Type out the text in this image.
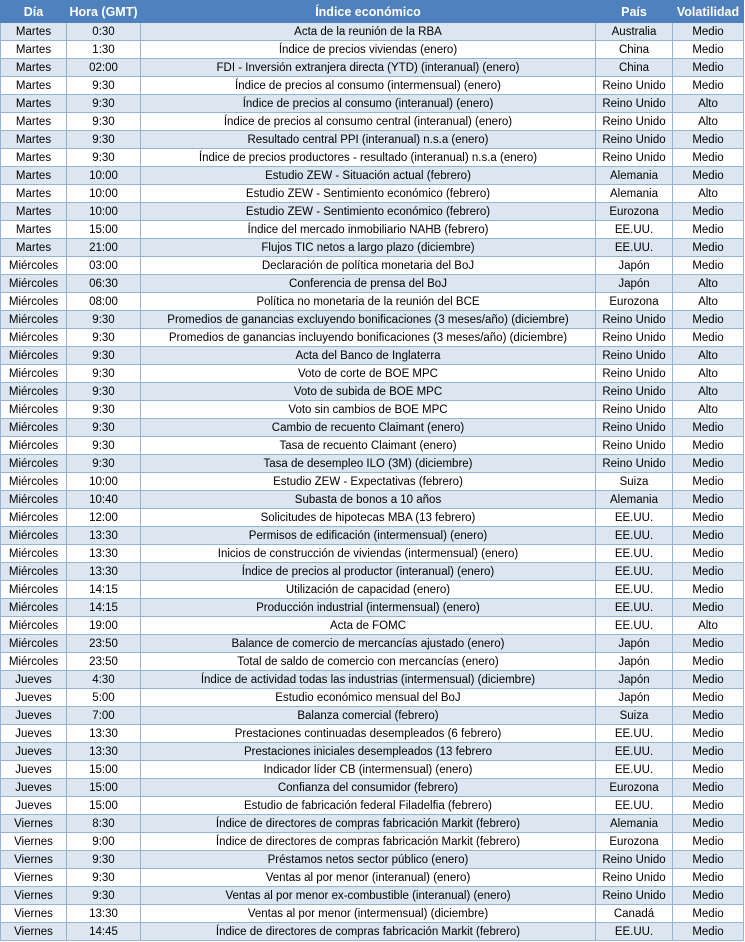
Día	Hora (GMT)	Índice económico	País	Volatilidad
Martes	0:30	Acta de la reunión de la RBA	Australia	Medio
Martes	1:30	Índice de precios viviendas (enero)	China	Medio
Martes	02:00	FDI - Inversión extranjera directa (YTD) (interanual) (enero)	China	Medio
Martes	9:30	Índice de precios al consumo (intermensual) (enero)	Reino Unido	Medio
Martes	9:30	Índice de precios al consumo (interanual) (enero)	Reino Unido	Alto
Martes	9:30	Índice de precios al consumo central (interanual) (enero)	Reino Unido	Alto
Martes	9:30	Resultado central PPI (interanual) n.s.a (enero)	Reino Unido	Medio
Martes	9:30	Índice de precios productores - resultado (interanual) n.s.a (enero)	Reino Unido	Medio
Martes	10:00	Estudio ZEW - Situación actual (febrero)	Alemania	Medio
Martes	10:00	Estudio ZEW - Sentimiento económico (febrero)	Alemania	Alto
Martes	10:00	Estudio ZEW - Sentimiento económico (febrero)	Eurozona	Medio
Martes	15:00	Índice del mercado inmobiliario NAHB (febrero)	EE.UU.	Medio
Martes	21:00	Flujos TIC netos a largo plazo (diciembre)	EE.UU.	Medio
Miércoles	03:00	Declaración de política monetaria del BoJ	Japón	Medio
Miércoles	06:30	Conferencia de prensa del BoJ	Japón	Alto
Miércoles	08:00	Política no monetaria de la reunión del BCE	Eurozona	Alto
Miércoles	9:30	Promedios de ganancias excluyendo bonificaciones (3 meses/año) (diciembre)	Reino Unido	Medio
Miércoles	9:30	Promedios de ganancias incluyendo bonificaciones (3 meses/año) (diciembre)	Reino Unido	Medio
Miércoles	9:30	Acta del Banco de Inglaterra	Reino Unido	Alto
Miércoles	9:30	Voto de corte de BOE MPC	Reino Unido	Alto
Miércoles	9:30	Voto de subida de BOE MPC	Reino Unido	Alto
Miércoles	9:30	Voto sin cambios de BOE MPC	Reino Unido	Alto
Miércoles	9:30	Cambio de recuento Claimant (enero)	Reino Unido	Medio
Miércoles	9:30	Tasa de recuento Claimant (enero)	Reino Unido	Medio
Miércoles	9:30	Tasa de desempleo ILO (3M) (diciembre)	Reino Unido	Medio
Miércoles	10:00	Estudio ZEW - Expectativas (febrero)	Suiza	Medio
Miércoles	10:40	Subasta de bonos a 10 años	Alemania	Medio
Miércoles	12:00	Solicitudes de hipotecas MBA (13 febrero)	EE.UU.	Medio
Miércoles	13:30	Permisos de edificación (intermensual) (enero)	EE.UU.	Medio
Miércoles	13:30	Inicios de construcción de viviendas (intermensual) (enero)	EE.UU.	Medio
Miércoles	13:30	Índice de precios al productor (interanual) (enero)	EE.UU.	Medio
Miércoles	14:15	Utilización de capacidad (enero)	EE.UU.	Medio
Miércoles	14:15	Producción industrial (intermensual) (enero)	EE.UU.	Medio
Miércoles	19:00	Acta de FOMC	EE.UU.	Alto
Miércoles	23:50	Balance de comercio de mercancías ajustado (enero)	Japón	Medio
Miércoles	23:50	Total de saldo de comercio con mercancías (enero)	Japón	Medio
Jueves	4:30	Índice de actividad todas las industrias (intermensual) (diciembre)	Japón	Medio
Jueves	5:00	Estudio económico mensual del BoJ	Japón	Medio
Jueves	7:00	Balanza comercial (febrero)	Suiza	Medio
Jueves	13:30	Prestaciones continuadas desempleados (6 febrero)	EE.UU.	Medio
Jueves	13:30	Prestaciones iniciales desempleados (13 febrero	EE.UU.	Medio
Jueves	15:00	Indicador líder CB (intermensual) (enero)	EE.UU.	Medio
Jueves	15:00	Confianza del consumidor (febrero)	Eurozona	Medio
Jueves	15:00	Estudio de fabricación federal Filadelfia (febrero)	EE.UU.	Medio
Viernes	8:30	Índice de directores de compras fabricación Markit (febrero)	Alemania	Medio
Viernes	9:00	Índice de directores de compras fabricación Markit (febrero)	Eurozona	Medio
Viernes	9:30	Préstamos netos sector público (enero)	Reino Unido	Medio
Viernes	9:30	Ventas al por menor (interanual) (enero)	Reino Unido	Medio
Viernes	9:30	Ventas al por menor ex-combustible (interanual) (enero)	Reino Unido	Medio
Viernes	13:30	Ventas al por menor (intermensual) (diciembre)	Canadá	Medio
Viernes	14:45	Índice de directores de compras fabricación Markit (febrero)	EE.UU.	Medio
